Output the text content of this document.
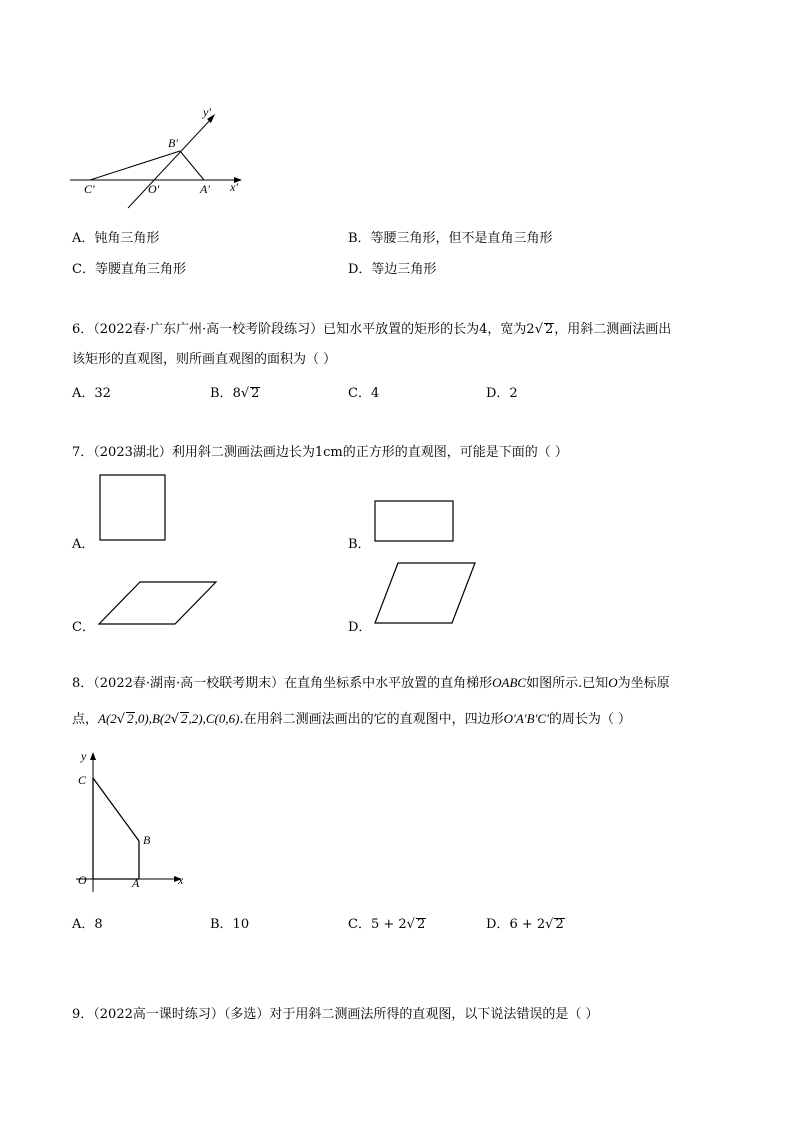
y′
B′
C′	O′	A′ x′
A．钝角三角形	B．等腰三角形，但不是直角三角形
C．等腰直角三角形	D．等边三角形
6．（2022春·广东广州·高一校考阶段练习）已知水平放置的矩形的长为4，宽为2√ 2，用斜二测画法画出
该矩形的直观图，则所画直观图的面积为（ ）
A．32	B．8√ 2	C．4	D．2
7．（2023湖北）利用斜二测画法画边长为1cm的正方形的直观图，可能是下面的（ ）
A．	B．
C．	D．
8．（2022春·湖南·高一校联考期末）在直角坐标系中水平放置的直角梯形OABC如图所示.已知O为坐标原
点，A(2√ 2,0),B(2√ 2,2),C(0,6).在用斜二测画法画出的它的直观图中，四边形O′A′B′C′的周长为（ ）
y
C
B
O	A	x
A．8	B．10	C．5 + 2√ 2	D．6 + 2√ 2
9．（2022高一课时练习）（多选）对于用斜二测画法所得的直观图，以下说法错误的是（ ）
